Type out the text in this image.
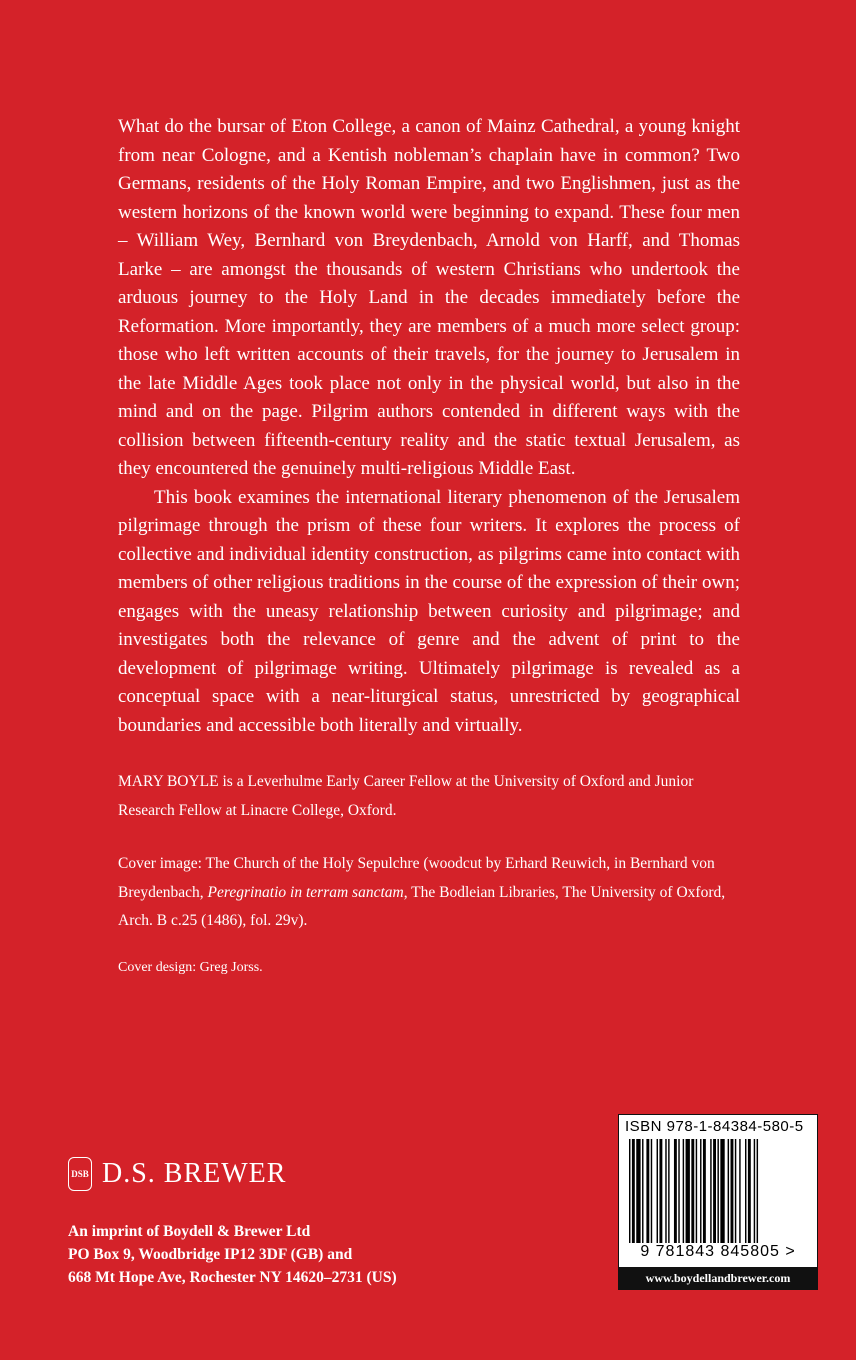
What do the bursar of Eton College, a canon of Mainz Cathedral, a young knight from near Cologne, and a Kentish nobleman’s chaplain have in common? Two Germans, residents of the Holy Roman Empire, and two Englishmen, just as the western horizons of the known world were beginning to expand. These four men – William Wey, Bernhard von Breydenbach, Arnold von Harff, and Thomas Larke – are amongst the thousands of western Christians who undertook the arduous journey to the Holy Land in the decades immediately before the Reformation. More importantly, they are members of a much more select group: those who left written accounts of their travels, for the journey to Jerusalem in the late Middle Ages took place not only in the physical world, but also in the mind and on the page. Pilgrim authors contended in different ways with the collision between fifteenth-century reality and the static textual Jerusalem, as they encountered the genuinely multi-religious Middle East.

This book examines the international literary phenomenon of the Jerusalem pilgrimage through the prism of these four writers. It explores the process of collective and individual identity construction, as pilgrims came into contact with members of other religious traditions in the course of the expression of their own; engages with the uneasy relationship between curiosity and pilgrimage; and investigates both the relevance of genre and the advent of print to the development of pilgrimage writing. Ultimately pilgrimage is revealed as a conceptual space with a near-liturgical status, unrestricted by geographical boundaries and accessible both literally and virtually.

MARY BOYLE is a Leverhulme Early Career Fellow at the University of Oxford and Junior Research Fellow at Linacre College, Oxford.

Cover image: The Church of the Holy Sepulchre (woodcut by Erhard Reuwich, in Bernhard von Breydenbach, Peregrinatio in terram sanctam, The Bodleian Libraries, The University of Oxford, Arch. B c.25 (1486), fol. 29v).

Cover design: Greg Jorss.

DSB D.S. BREWER
An imprint of Boydell & Brewer Ltd
PO Box 9, Woodbridge IP12 3DF (GB) and
668 Mt Hope Ave, Rochester NY 14620–2731 (US)
ISBN 978-1-84384-580-5
9 781843 845805 >
www.boydellandbrewer.com
